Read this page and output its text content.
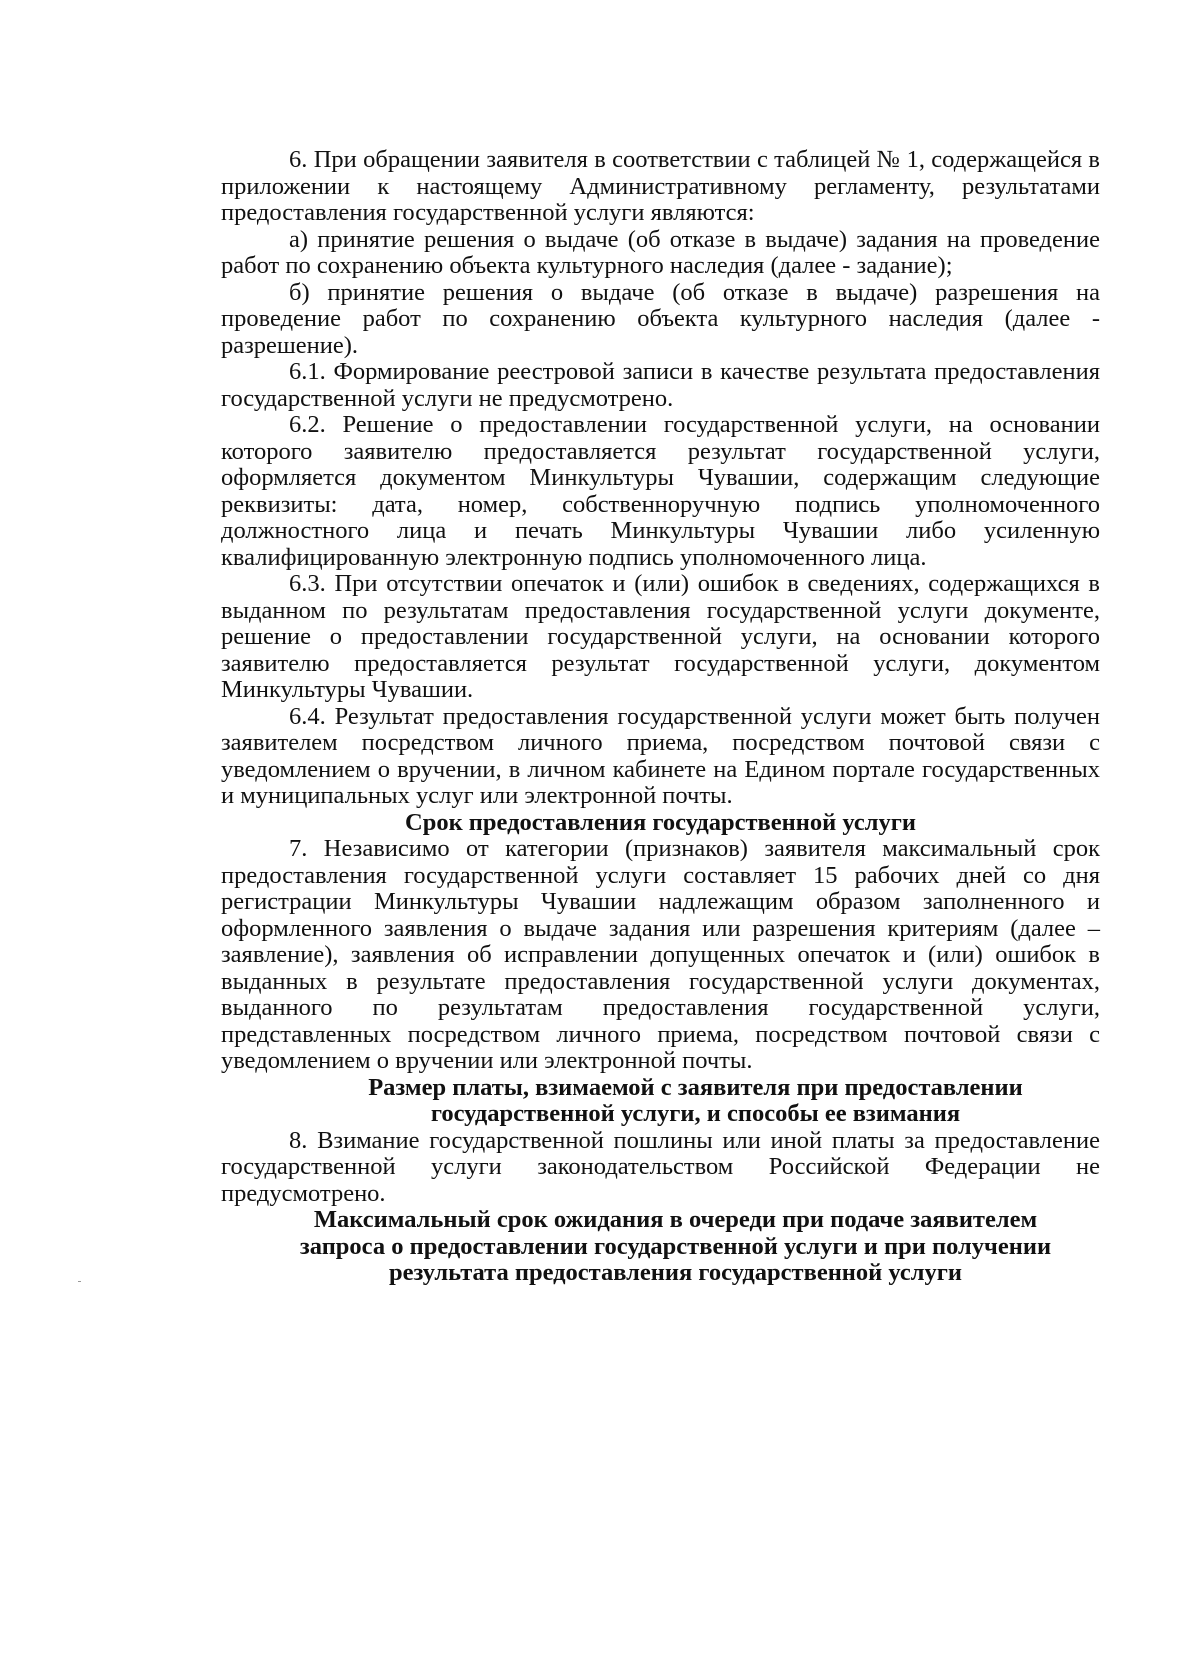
6. При обращении заявителя в соответствии с таблицей № 1, содержащейся в приложении к настоящему Административному регламенту, результатами предоставления государственной услуги являются:

а) принятие решения о выдаче (об отказе в выдаче) задания на проведение работ по сохранению объекта культурного наследия (далее - задание);

б) принятие решения о выдаче (об отказе в выдаче) разрешения на проведение работ по сохранению объекта культурного наследия (далее - разрешение).

6.1. Формирование реестровой записи в качестве результата предоставления государственной услуги не предусмотрено.

6.2. Решение о предоставлении государственной услуги, на основании которого заявителю предоставляется результат государственной услуги, оформляется документом Минкультуры Чувашии, содержащим следующие реквизиты: дата, номер, собственноручную подпись уполномоченного должностного лица и печать Минкультуры Чувашии либо усиленную квалифицированную электронную подпись уполномоченного лица.

6.3. При отсутствии опечаток и (или) ошибок в сведениях, содержащихся в выданном по результатам предоставления государственной услуги документе, решение о предоставлении государственной услуги, на основании которого заявителю предоставляется результат государственной услуги, документом Минкультуры Чувашии.

6.4. Результат предоставления государственной услуги может быть получен заявителем посредством личного приема, посредством почтовой связи с уведомлением о вручении, в личном кабинете на Едином портале государственных и муниципальных услуг или электронной почты.

Срок предоставления государственной услуги

7. Независимо от категории (признаков) заявителя максимальный срок предоставления государственной услуги составляет 15 рабочих дней со дня регистрации Минкультуры Чувашии надлежащим образом заполненного и оформленного заявления о выдаче задания или разрешения критериям (далее – заявление), заявления об исправлении допущенных опечаток и (или) ошибок в выданных в результате предоставления государственной услуги документах, выданного по результатам предоставления государственной услуги, представленных посредством личного приема, посредством почтовой связи с уведомлением о вручении или электронной почты.

Размер платы, взимаемой с заявителя при предоставлении
государственной услуги, и способы ее взимания

8. Взимание государственной пошлины или иной платы за предоставление государственной услуги законодательством Российской Федерации не предусмотрено.

Максимальный срок ожидания в очереди при подаче заявителем
запроса о предоставлении государственной услуги и при получении
результата предоставления государственной услуги
